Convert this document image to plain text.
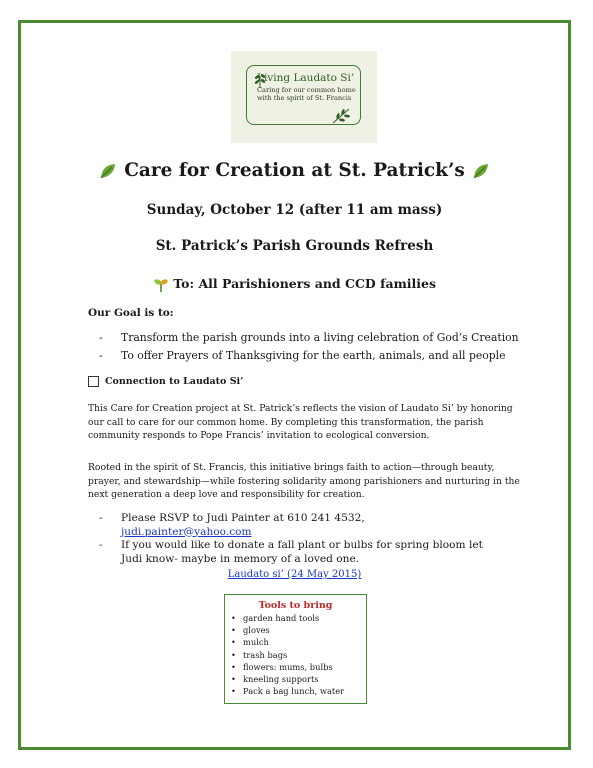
Living Laudato Si’
Caring for our common home with the spirit of St. Francis
Care for Creation at St. Patrick’s
Sunday, October 12 (after 11 am mass)
St. Patrick’s Parish Grounds Refresh
To: All Parishioners and CCD families
Our Goal is to:
- Transform the parish grounds into a living celebration of God’s Creation
- To offer Prayers of Thanksgiving for the earth, animals, and all people
Connection to Laudato Si’
This Care for Creation project at St. Patrick’s reflects the vision of Laudato Si’ by honoring our call to care for our common home. By completing this transformation, the parish community responds to Pope Francis’ invitation to ecological conversion.
Rooted in the spirit of St. Francis, this initiative brings faith to action—through beauty, prayer, and stewardship—while fostering solidarity among parishioners and nurturing in the next generation a deep love and responsibility for creation.
-	Please RSVP to Judi Painter at 610 241 4532, judi.painter@yahoo.com
-	If you would like to donate a fall plant or bulbs for spring bloom let Judi know- maybe in memory of a loved one.
Laudato si’ (24 May 2015)
Tools to bring
• garden hand tools
• gloves
• mulch
• trash bags
• flowers: mums, bulbs
• kneeling supports
• Pack a bag lunch, water
